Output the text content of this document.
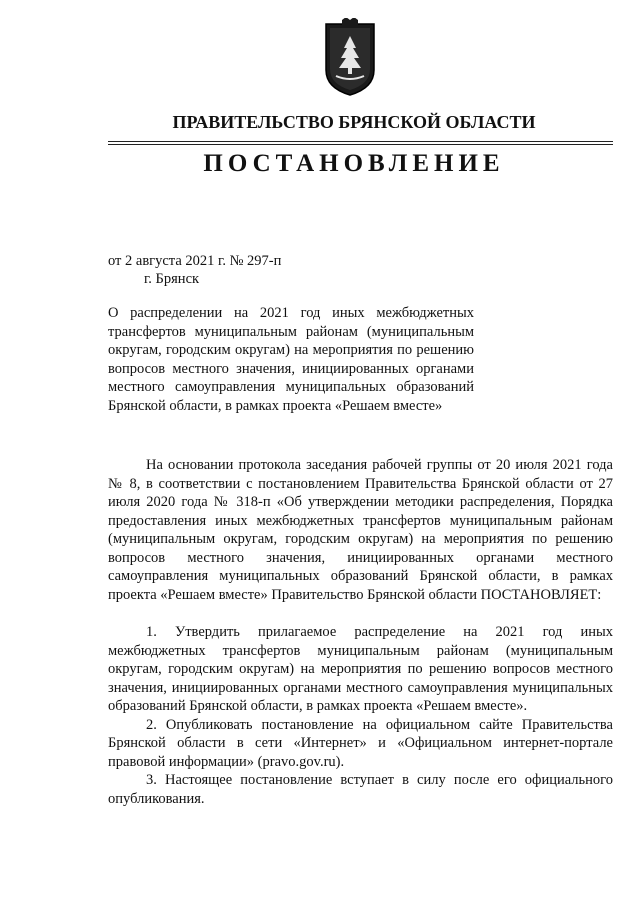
ПРАВИТЕЛЬСТВО БРЯНСКОЙ ОБЛАСТИ
ПОСТАНОВЛЕНИЕ
от 2 августа 2021 г. № 297-п
г. Брянск
О распределении на 2021 год иных межбюджетных трансфертов муниципальным районам (муниципальным округам, городским округам) на мероприятия по решению вопросов местного значения, инициированных органами местного самоуправления муниципальных образований Брянской области, в рамках проекта «Решаем вместе»

На основании протокола заседания рабочей группы от 20 июля 2021 года № 8, в соответствии с постановлением Правительства Брянской области от 27 июля 2020 года № 318-п «Об утверждении методики распределения, Порядка предоставления иных межбюджетных трансфертов муниципальным районам (муниципальным округам, городским округам) на мероприятия по решению вопросов местного значения, инициированных органами местного самоуправления муниципальных образований Брянской области, в рамках проекта «Решаем вместе» Правительство Брянской области ПОСТАНОВЛЯЕТ:

1. Утвердить прилагаемое распределение на 2021 год иных межбюджетных трансфертов муниципальным районам (муниципальным округам, городским округам) на мероприятия по решению вопросов местного значения, инициированных органами местного самоуправления муниципальных образований Брянской области, в рамках проекта «Решаем вместе».

2. Опубликовать постановление на официальном сайте Правительства Брянской области в сети «Интернет» и «Официальном интернет-портале правовой информации» (pravo.gov.ru).

3. Настоящее постановление вступает в силу после его официального опубликования.
